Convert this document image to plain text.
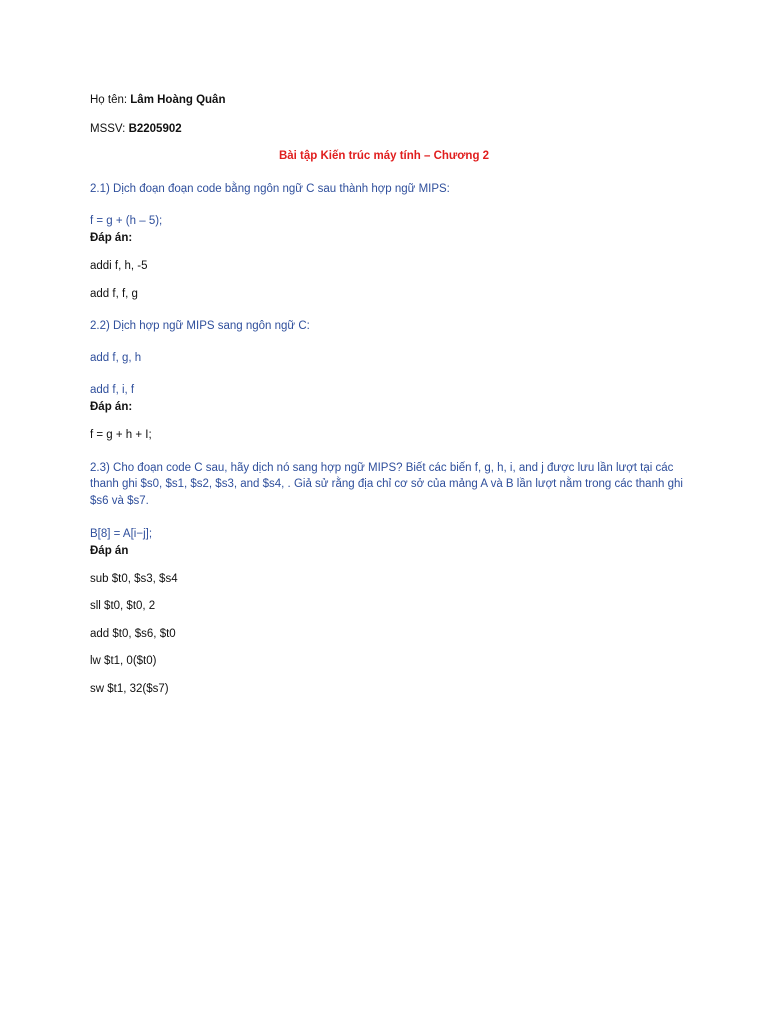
Họ tên: Lâm Hoàng Quân
MSSV: B2205902
Bài tập Kiến trúc máy tính – Chương 2
2.1) Dịch đoạn đoạn code bằng ngôn ngữ C sau thành hợp ngữ MIPS:
f = g + (h – 5);
Đáp án:
addi f, h, -5
add f, f, g
2.2) Dịch hợp ngữ MIPS sang ngôn ngữ C:
add f, g, h
add f, i, f
Đáp án:
f = g + h + I;
2.3) Cho đoạn code C sau, hãy dịch nó sang hợp ngữ MIPS? Biết các biến f, g, h, i, and j được lưu lần lượt tại các
thanh ghi $s0, $s1, $s2, $s3, and $s4, . Giả sử rằng địa chỉ cơ sở của mảng A và B lần lượt nằm trong các thanh ghi
$s6 và $s7.
B[8] = A[i−j];
Đáp án
sub $t0, $s3, $s4
sll $t0, $t0, 2
add $t0, $s6, $t0
lw $t1, 0($t0)
sw $t1, 32($s7)
